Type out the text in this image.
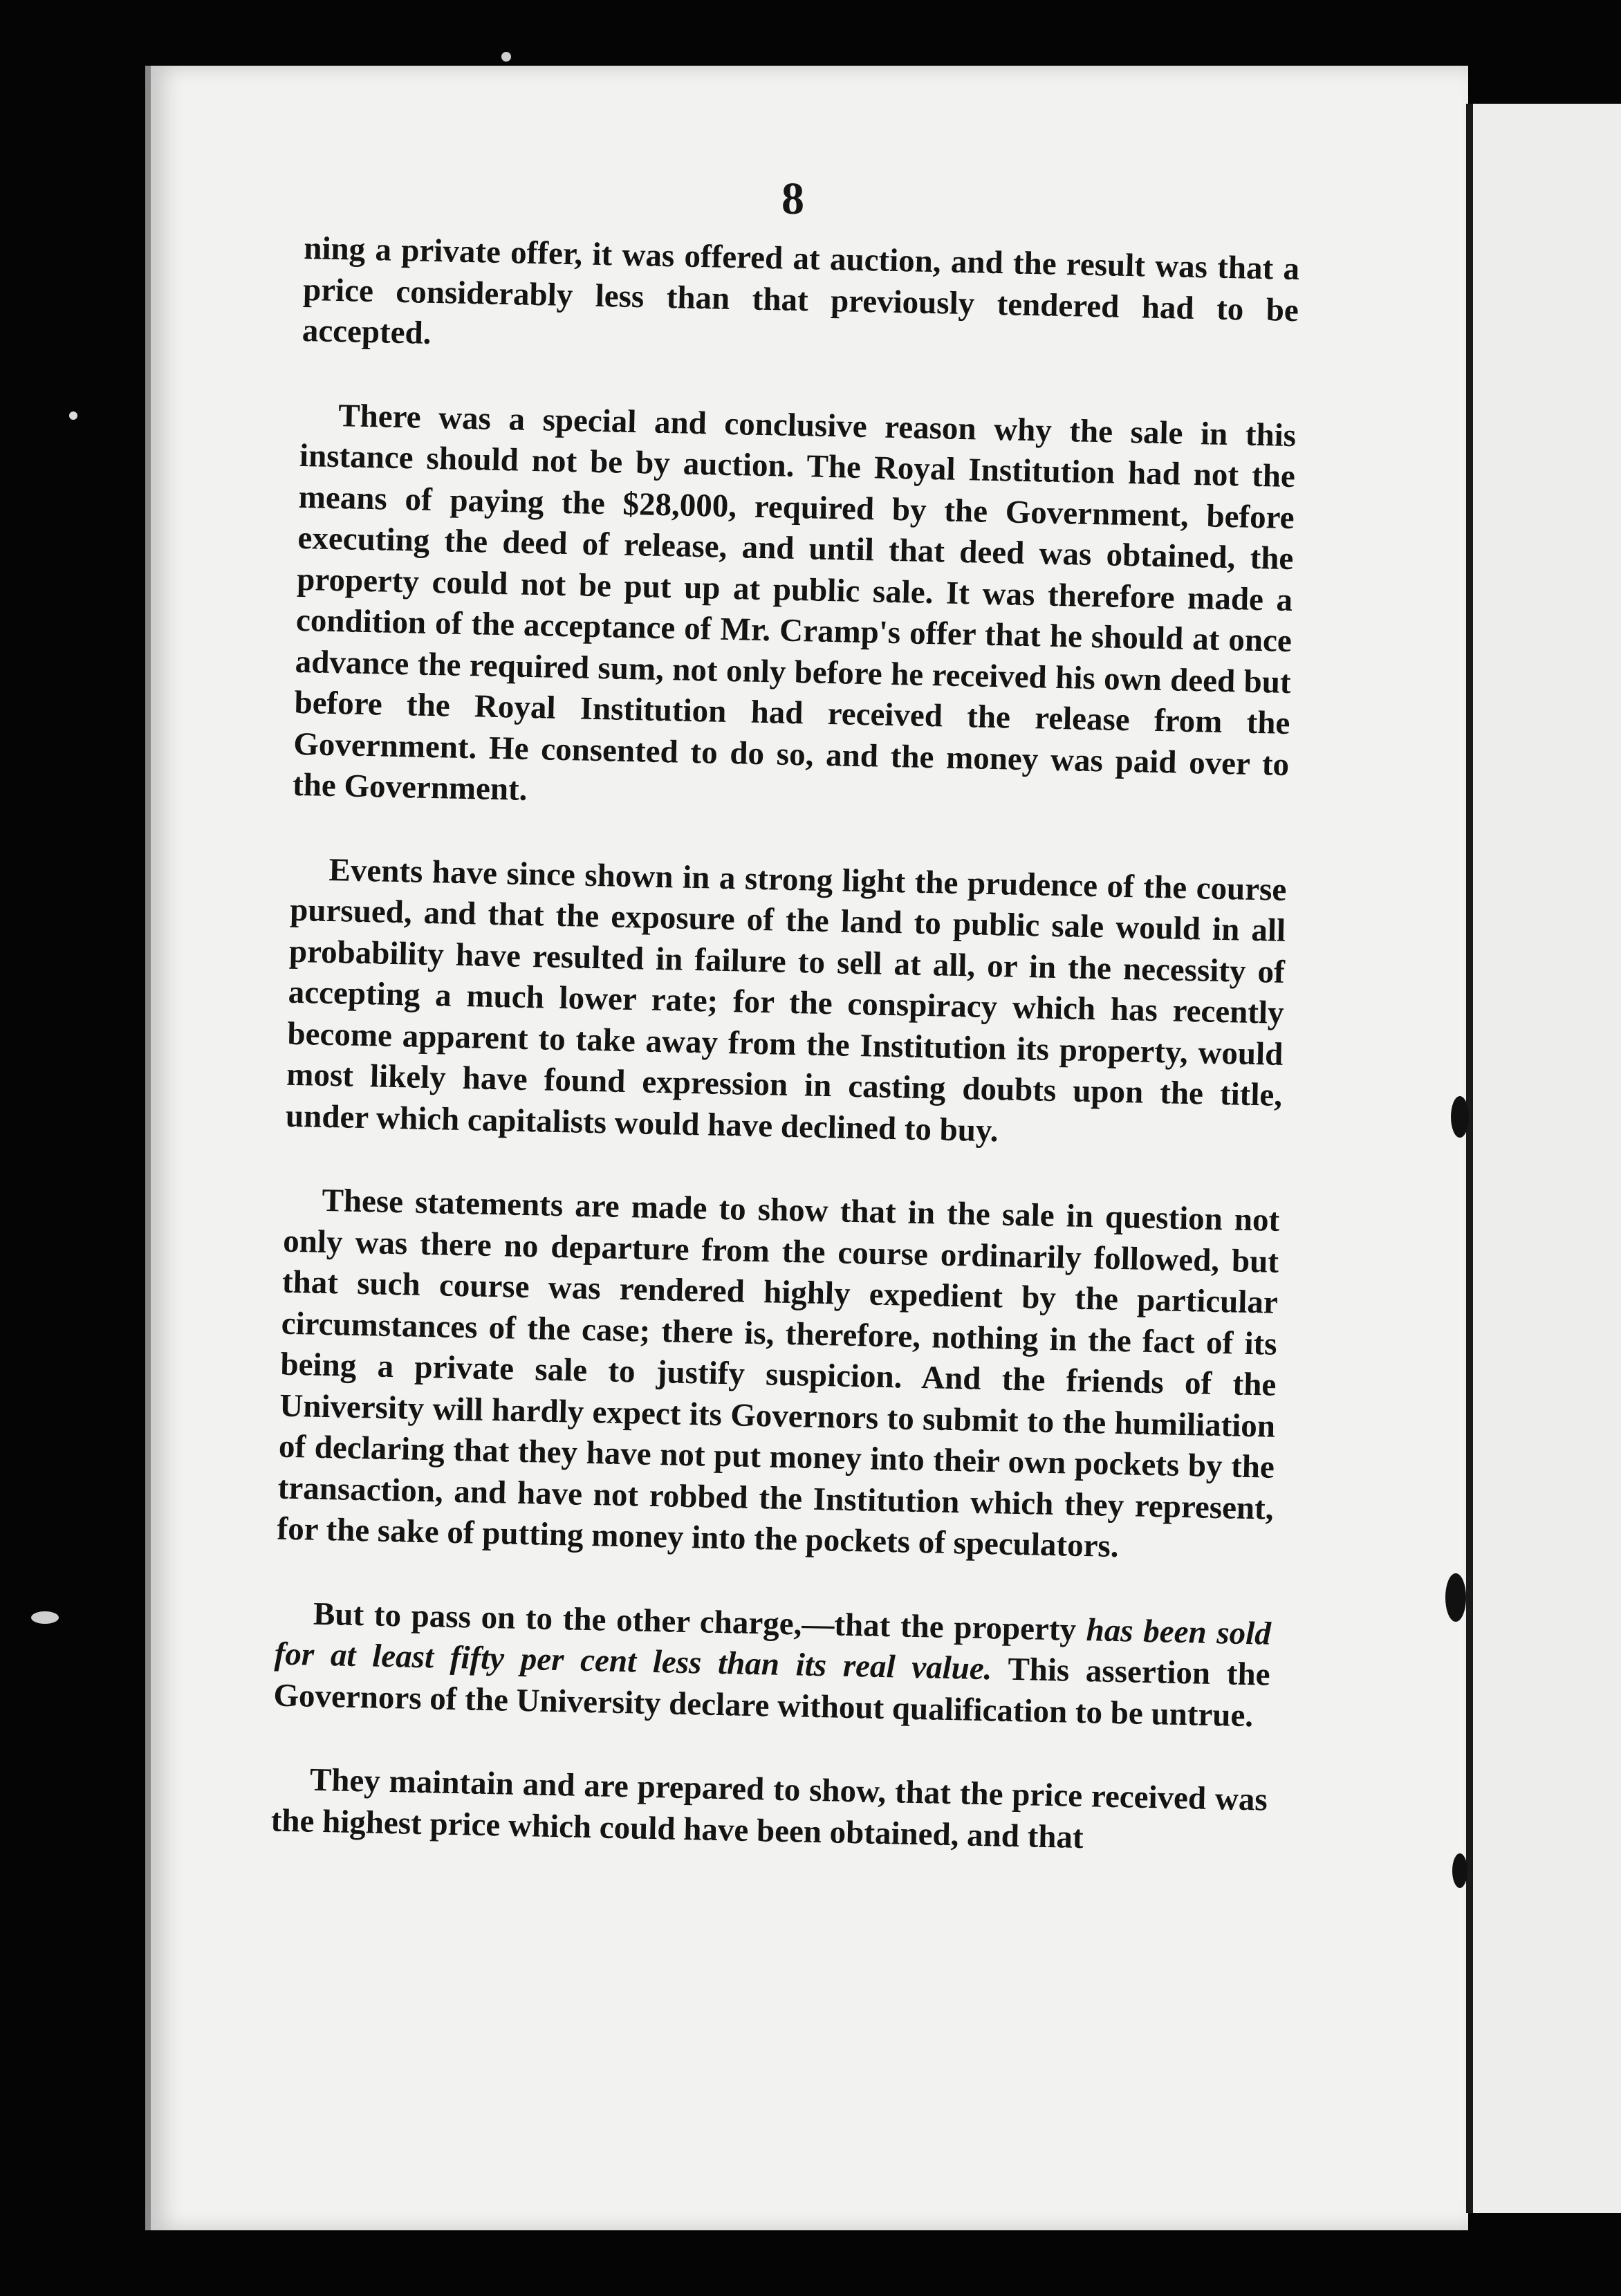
8

ning a private offer, it was offered at auction, and the result was that a price considerably less than that previously tendered had to be accepted.

There was a special and conclusive reason why the sale in this instance should not be by auction. The Royal Institution had not the means of paying the $28,000, required by the Government, before executing the deed of release, and until that deed was obtained, the property could not be put up at public sale. It was therefore made a condition of the acceptance of Mr. Cramp's offer that he should at once advance the required sum, not only before he received his own deed but before the Royal Institution had received the release from the Government. He consented to do so, and the money was paid over to the Government.

Events have since shown in a strong light the prudence of the course pursued, and that the exposure of the land to public sale would in all probability have resulted in failure to sell at all, or in the necessity of accepting a much lower rate; for the conspiracy which has recently become apparent to take away from the Institution its property, would most likely have found expression in casting doubts upon the title, under which capitalists would have declined to buy.

These statements are made to show that in the sale in question not only was there no departure from the course ordinarily followed, but that such course was rendered highly expedient by the particular circumstances of the case; there is, therefore, nothing in the fact of its being a private sale to justify suspicion. And the friends of the University will hardly expect its Governors to submit to the humiliation of declaring that they have not put money into their own pockets by the transaction, and have not robbed the Institution which they represent, for the sake of putting money into the pockets of speculators.

But to pass on to the other charge,—that the property has been sold for at least fifty per cent less than its real value. This assertion the Governors of the University declare without qualification to be untrue.

They maintain and are prepared to show, that the price received was the highest price which could have been obtained, and that
